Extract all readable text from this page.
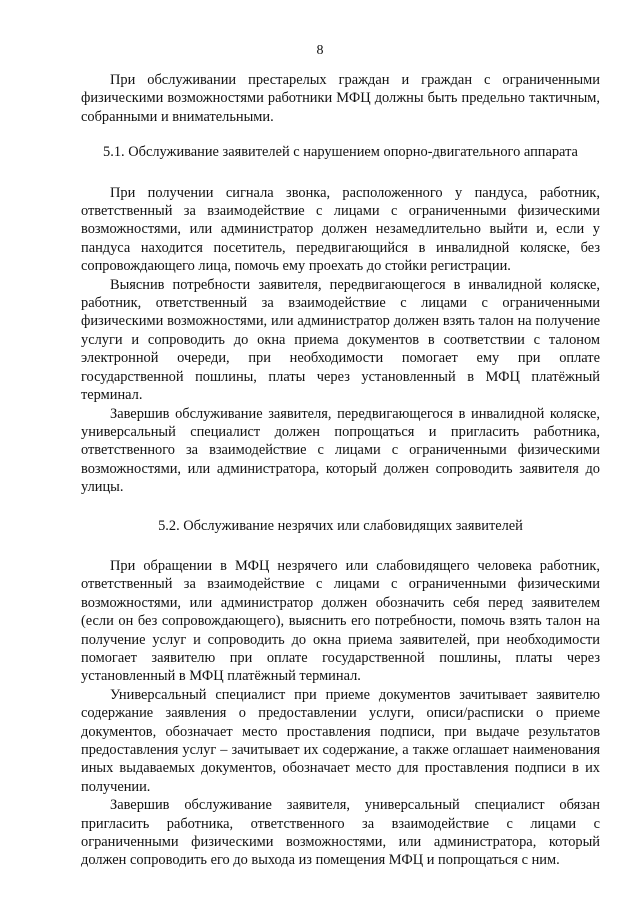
8

При обслуживании престарелых граждан и граждан с ограниченными физическими возможностями работники МФЦ должны быть предельно тактичным, собранными и внимательными.

5.1. Обслуживание заявителей с нарушением опорно-двигательного аппарата

При получении сигнала звонка, расположенного у пандуса, работник, ответственный за взаимодействие с лицами с ограниченными физическими возможностями, или администратор должен незамедлительно выйти и, если у пандуса находится посетитель, передвигающийся в инвалидной коляске, без сопровождающего лица, помочь ему проехать до стойки регистрации.

Выяснив потребности заявителя, передвигающегося в инвалидной коляске, работник, ответственный за взаимодействие с лицами с ограниченными физическими возможностями, или администратор должен взять талон на получение услуги и сопроводить до окна приема документов в соответствии с талоном электронной очереди, при необходимости помогает ему при оплате государственной пошлины, платы через установленный в МФЦ платёжный терминал.

Завершив обслуживание заявителя, передвигающегося в инвалидной коляске, универсальный специалист должен попрощаться и пригласить работника, ответственного за взаимодействие с лицами с ограниченными физическими возможностями, или администратора, который должен сопроводить заявителя до улицы.

5.2. Обслуживание незрячих или слабовидящих заявителей

При обращении в МФЦ незрячего или слабовидящего человека работник, ответственный за взаимодействие с лицами с ограниченными физическими возможностями, или администратор должен обозначить себя перед заявителем (если он без сопровождающего), выяснить его потребности, помочь взять талон на получение услуг и сопроводить до окна приема заявителей, при необходимости помогает заявителю при оплате государственной пошлины, платы через установленный в МФЦ платёжный терминал.

Универсальный специалист при приеме документов зачитывает заявителю содержание заявления о предоставлении услуги, описи/расписки о приеме документов, обозначает место проставления подписи, при выдаче результатов предоставления услуг – зачитывает их содержание, а также оглашает наименования иных выдаваемых документов, обозначает место для проставления подписи в их получении.

Завершив обслуживание заявителя, универсальный специалист обязан пригласить работника, ответственного за взаимодействие с лицами с ограниченными физическими возможностями, или администратора, который должен сопроводить его до выхода из помещения МФЦ и попрощаться с ним.
